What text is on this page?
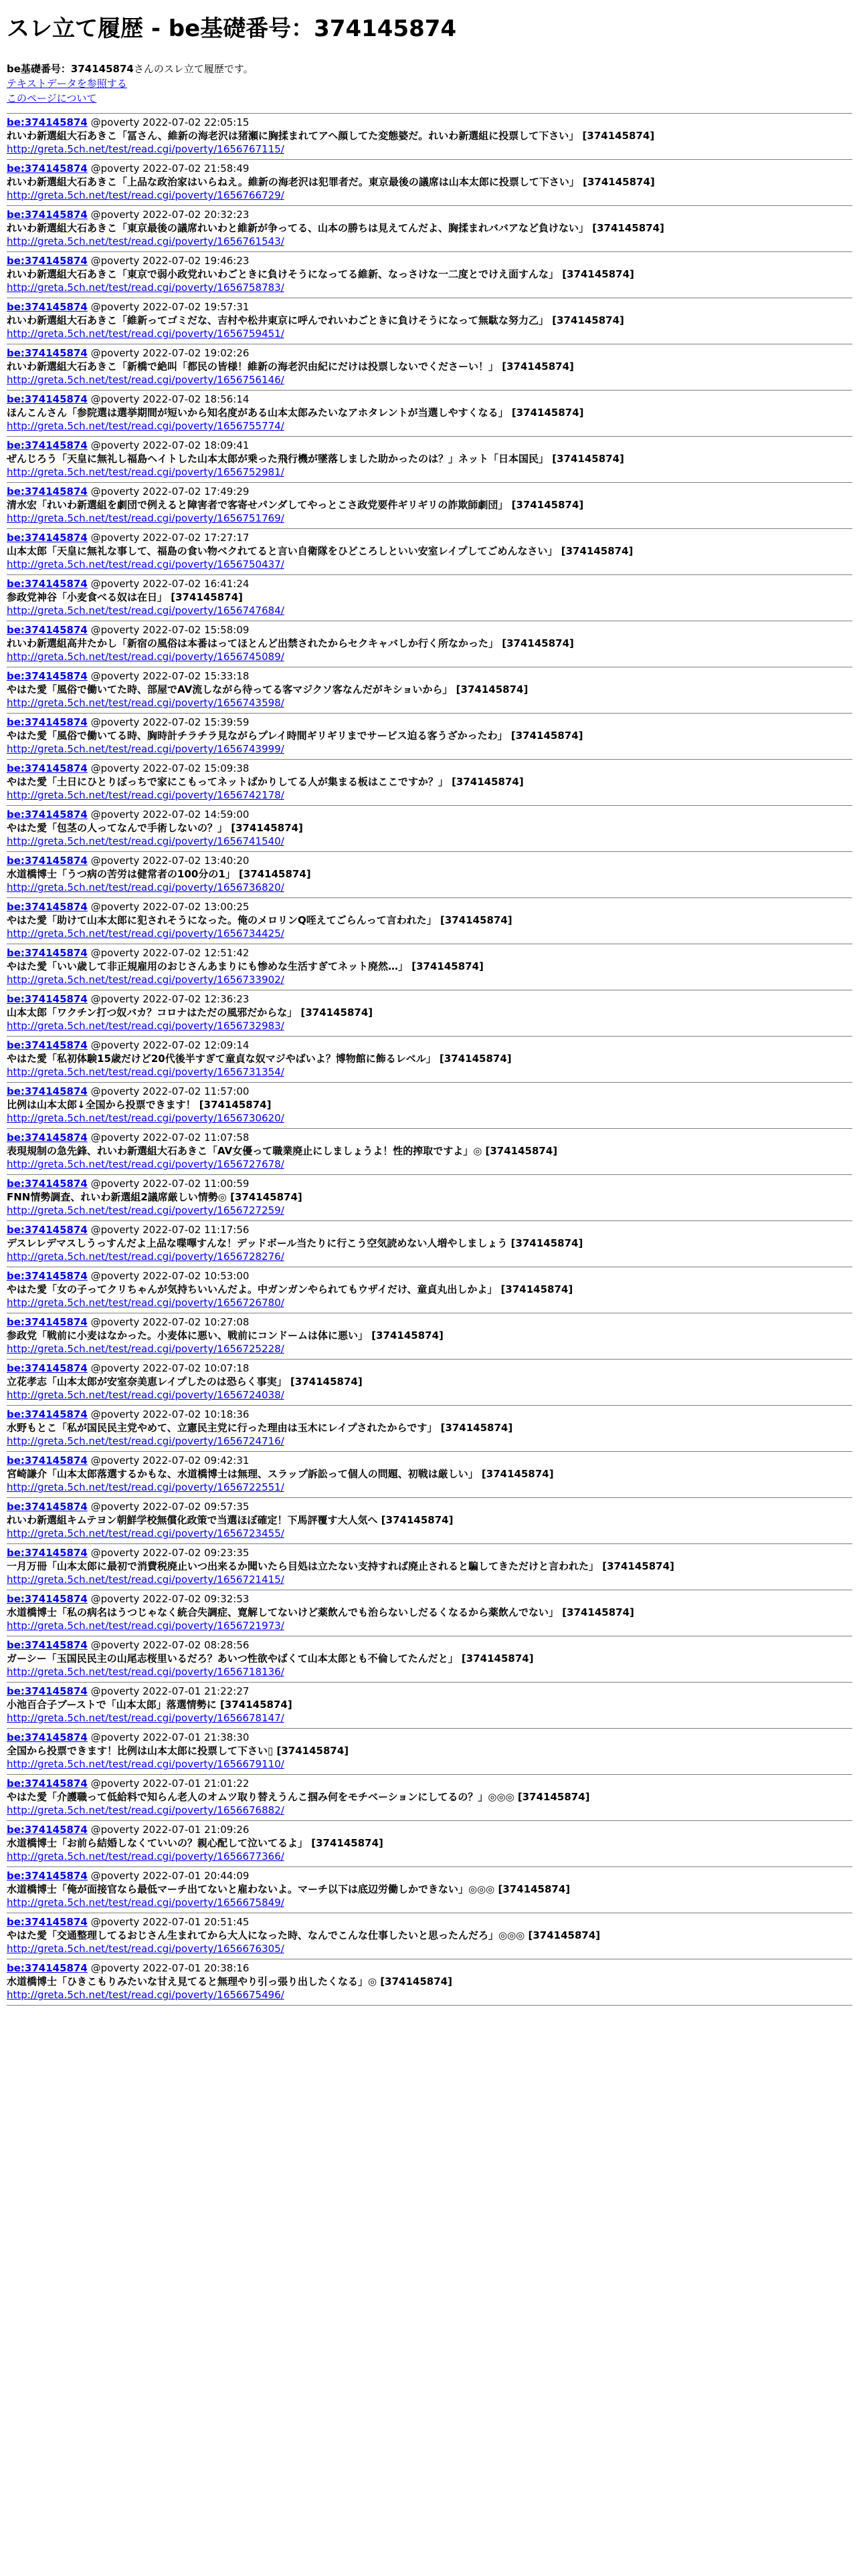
スレ立て履歴 - be基礎番号：374145874
be基礎番号：374145874さんのスレ立て履歴です。
テキストデータを参照する
このページについて
be:374145874 @poverty 2022-07-02 22:05:15
れいわ新選組大石あきこ「冨さん、維新の海老沢は猪瀬に胸揉まれてアヘ顔してた変態婆だ。れいわ新選組に投票して下さい」 [374145874]
http://greta.5ch.net/test/read.cgi/poverty/1656767115/
be:374145874 @poverty 2022-07-02 21:58:49
れいわ新選組大石あきこ「上品な政治家はいらねえ。維新の海老沢は犯罪者だ。東京最後の議席は山本太郎に投票して下さい」 [374145874]
http://greta.5ch.net/test/read.cgi/poverty/1656766729/
be:374145874 @poverty 2022-07-02 20:32:23
れいわ新選組大石あきこ「東京最後の議席れいわと維新が争ってる、山本の勝ちは見えてんだよ、胸揉まれババアなど負けない」 [374145874]
http://greta.5ch.net/test/read.cgi/poverty/1656761543/
be:374145874 @poverty 2022-07-02 19:46:23
れいわ新選組大石あきこ「東京で弱小政党れいわごときに負けそうになってる維新、なっさけな一二度とでけえ面すんな」 [374145874]
http://greta.5ch.net/test/read.cgi/poverty/1656758783/
be:374145874 @poverty 2022-07-02 19:57:31
れいわ新選組大石あきこ「維新ってゴミだな、吉村や松井東京に呼んでれいわごときに負けそうになって無駄な努力乙」 [374145874]
http://greta.5ch.net/test/read.cgi/poverty/1656759451/
be:374145874 @poverty 2022-07-02 19:02:26
れいわ新選組大石あきこ「新橋で絶叫「都民の皆様！維新の海老沢由紀にだけは投票しないでくださーい！」 [374145874]
http://greta.5ch.net/test/read.cgi/poverty/1656756146/
be:374145874 @poverty 2022-07-02 18:56:14
ほんこんさん「参院選は選挙期間が短いから知名度がある山本太郎みたいなアホタレントが当選しやすくなる」 [374145874]
http://greta.5ch.net/test/read.cgi/poverty/1656755774/
be:374145874 @poverty 2022-07-02 18:09:41
ぜんじろう「天皇に無礼し福島ヘイトした山本太郎が乗った飛行機が墜落しました助かったのは？」ネット「日本国民」 [374145874]
http://greta.5ch.net/test/read.cgi/poverty/1656752981/
be:374145874 @poverty 2022-07-02 17:49:29
清水宏「れいわ新選組を劇団で例えると障害者で客寄せパンダしてやっとこさ政党要件ギリギリの詐欺師劇団」 [374145874]
http://greta.5ch.net/test/read.cgi/poverty/1656751769/
be:374145874 @poverty 2022-07-02 17:27:17
山本太郎「天皇に無礼な事して、福島の食い物ベクれてると言い自衛隊をひどころしといい安室レイプしてごめんなさい」 [374145874]
http://greta.5ch.net/test/read.cgi/poverty/1656750437/
be:374145874 @poverty 2022-07-02 16:41:24
参政党神谷「小麦食べる奴は在日」 [374145874]
http://greta.5ch.net/test/read.cgi/poverty/1656747684/
be:374145874 @poverty 2022-07-02 15:58:09
れいわ新選組高井たかし「新宿の風俗は本番はってほとんど出禁されたからセクキャバしか行く所なかった」 [374145874]
http://greta.5ch.net/test/read.cgi/poverty/1656745089/
be:374145874 @poverty 2022-07-02 15:33:18
やはた愛「風俗で働いてた時、部屋でAV流しながら待ってる客マジクソ客なんだがキショいから」 [374145874]
http://greta.5ch.net/test/read.cgi/poverty/1656743598/
be:374145874 @poverty 2022-07-02 15:39:59
やはた愛「風俗で働いてる時、胸時計チラチラ見ながらプレイ時間ギリギリまでサービス迫る客うざかったわ」 [374145874]
http://greta.5ch.net/test/read.cgi/poverty/1656743999/
be:374145874 @poverty 2022-07-02 15:09:38
やはた愛「土日にひとりぼっちで家にこもってネットばかりしてる人が集まる板はここですか？」 [374145874]
http://greta.5ch.net/test/read.cgi/poverty/1656742178/
be:374145874 @poverty 2022-07-02 14:59:00
やはた愛「包茎の人ってなんで手術しないの？」 [374145874]
http://greta.5ch.net/test/read.cgi/poverty/1656741540/
be:374145874 @poverty 2022-07-02 13:40:20
水道橋博士「うつ病の苦労は健常者の100分の1」 [374145874]
http://greta.5ch.net/test/read.cgi/poverty/1656736820/
be:374145874 @poverty 2022-07-02 13:00:25
やはた愛「助けて山本太郎に犯されそうになった。俺のメロリンQ咥えてごらんって言われた」 [374145874]
http://greta.5ch.net/test/read.cgi/poverty/1656734425/
be:374145874 @poverty 2022-07-02 12:51:42
やはた愛「いい歳して非正規雇用のおじさんあまりにも惨めな生活すぎてネット廃然…」 [374145874]
http://greta.5ch.net/test/read.cgi/poverty/1656733902/
be:374145874 @poverty 2022-07-02 12:36:23
山本太郎「ワクチン打つ奴バカ？コロナはただの風邪だからな」 [374145874]
http://greta.5ch.net/test/read.cgi/poverty/1656732983/
be:374145874 @poverty 2022-07-02 12:09:14
やはた愛「私初体験15歳だけど20代後半すぎて童貞な奴マジやばいよ？博物館に飾るレベル」 [374145874]
http://greta.5ch.net/test/read.cgi/poverty/1656731354/
be:374145874 @poverty 2022-07-02 11:57:00
比例は山本太郎↓全国から投票できます！ [374145874]
http://greta.5ch.net/test/read.cgi/poverty/1656730620/
be:374145874 @poverty 2022-07-02 11:07:58
表現規制の急先鋒、れいわ新選組大石あきこ「AV女優って職業廃止にしましょうよ！性的搾取ですよ」◎ [374145874]
http://greta.5ch.net/test/read.cgi/poverty/1656727678/
be:374145874 @poverty 2022-07-02 11:00:59
FNN情勢調査、れいわ新選組2議席厳しい情勢◎ [374145874]
http://greta.5ch.net/test/read.cgi/poverty/1656727259/
be:374145874 @poverty 2022-07-02 11:17:56
デスレレデマスしうっすんだよ上品な喋嗶すんな！デッドボール当たりに行こう空気読めない人増やしましょう [374145874]
http://greta.5ch.net/test/read.cgi/poverty/1656728276/
be:374145874 @poverty 2022-07-02 10:53:00
やはた愛「女の子ってクリちゃんが気持ちいいんだよ。中ガンガンやられてもウザイだけ、童貞丸出しかよ」 [374145874]
http://greta.5ch.net/test/read.cgi/poverty/1656726780/
be:374145874 @poverty 2022-07-02 10:27:08
参政党「戦前に小麦はなかった。小麦体に悪い、戦前にコンドームは体に悪い」 [374145874]
http://greta.5ch.net/test/read.cgi/poverty/1656725228/
be:374145874 @poverty 2022-07-02 10:07:18
立花孝志「山本太郎が安室奈美恵レイプしたのは恐らく事実」 [374145874]
http://greta.5ch.net/test/read.cgi/poverty/1656724038/
be:374145874 @poverty 2022-07-02 10:18:36
水野もとこ「私が国民民主党やめて、立憲民主党に行った理由は玉木にレイプされたからです」 [374145874]
http://greta.5ch.net/test/read.cgi/poverty/1656724716/
be:374145874 @poverty 2022-07-02 09:42:31
宮崎謙介「山本太郎落選するかもな、水道橋博士は無理、スラップ訴訟って個人の問題、初戦は厳しい」 [374145874]
http://greta.5ch.net/test/read.cgi/poverty/1656722551/
be:374145874 @poverty 2022-07-02 09:57:35
れいわ新選組キムテヨン朝鮮学校無償化政策で当選ほぼ確定！下馬評覆す大人気へ [374145874]
http://greta.5ch.net/test/read.cgi/poverty/1656723455/
be:374145874 @poverty 2022-07-02 09:23:35
一月万冊「山本太郎に最初で消費税廃止いつ出来るか聞いたら目処は立たない支持すれば廃止されると騙してきただけと言われた」 [374145874]
http://greta.5ch.net/test/read.cgi/poverty/1656721415/
be:374145874 @poverty 2022-07-02 09:32:53
水道橋博士「私の病名はうつじゃなく統合失調症、寛解してないけど薬飲んでも治らないしだるくなるから薬飲んでない」 [374145874]
http://greta.5ch.net/test/read.cgi/poverty/1656721973/
be:374145874 @poverty 2022-07-02 08:28:56
ガーシー「玉国民民主の山尾志桜里いるだろ？あいつ性欲やばくて山本太郎とも不倫してたんだと」 [374145874]
http://greta.5ch.net/test/read.cgi/poverty/1656718136/
be:374145874 @poverty 2022-07-01 21:22:27
小池百合子ブーストで「山本太郎」落選情勢に [374145874]
http://greta.5ch.net/test/read.cgi/poverty/1656678147/
be:374145874 @poverty 2022-07-01 21:38:30
全国から投票できます！比例は山本太郎に投票して下さい▯ [374145874]
http://greta.5ch.net/test/read.cgi/poverty/1656679110/
be:374145874 @poverty 2022-07-01 21:01:22
やはた愛「介護職って低給料で知らん老人のオムツ取り替えうんこ掴み何をモチベーションにしてるの？」◎◎◎ [374145874]
http://greta.5ch.net/test/read.cgi/poverty/1656676882/
be:374145874 @poverty 2022-07-01 21:09:26
水道橋博士「お前ら結婚しなくていいの？親心配して泣いてるよ」 [374145874]
http://greta.5ch.net/test/read.cgi/poverty/1656677366/
be:374145874 @poverty 2022-07-01 20:44:09
水道橋博士「俺が面接官なら最低マーチ出てないと雇わないよ。マーチ以下は底辺労働しかできない」◎◎◎ [374145874]
http://greta.5ch.net/test/read.cgi/poverty/1656675849/
be:374145874 @poverty 2022-07-01 20:51:45
やはた愛「交通整理してるおじさん生まれてから大人になった時、なんでこんな仕事したいと思ったんだろ」◎◎◎ [374145874]
http://greta.5ch.net/test/read.cgi/poverty/1656676305/
be:374145874 @poverty 2022-07-01 20:38:16
水道橋博士「ひきこもりみたいな甘え見てると無理やり引っ張り出したくなる」◎ [374145874]
http://greta.5ch.net/test/read.cgi/poverty/1656675496/
